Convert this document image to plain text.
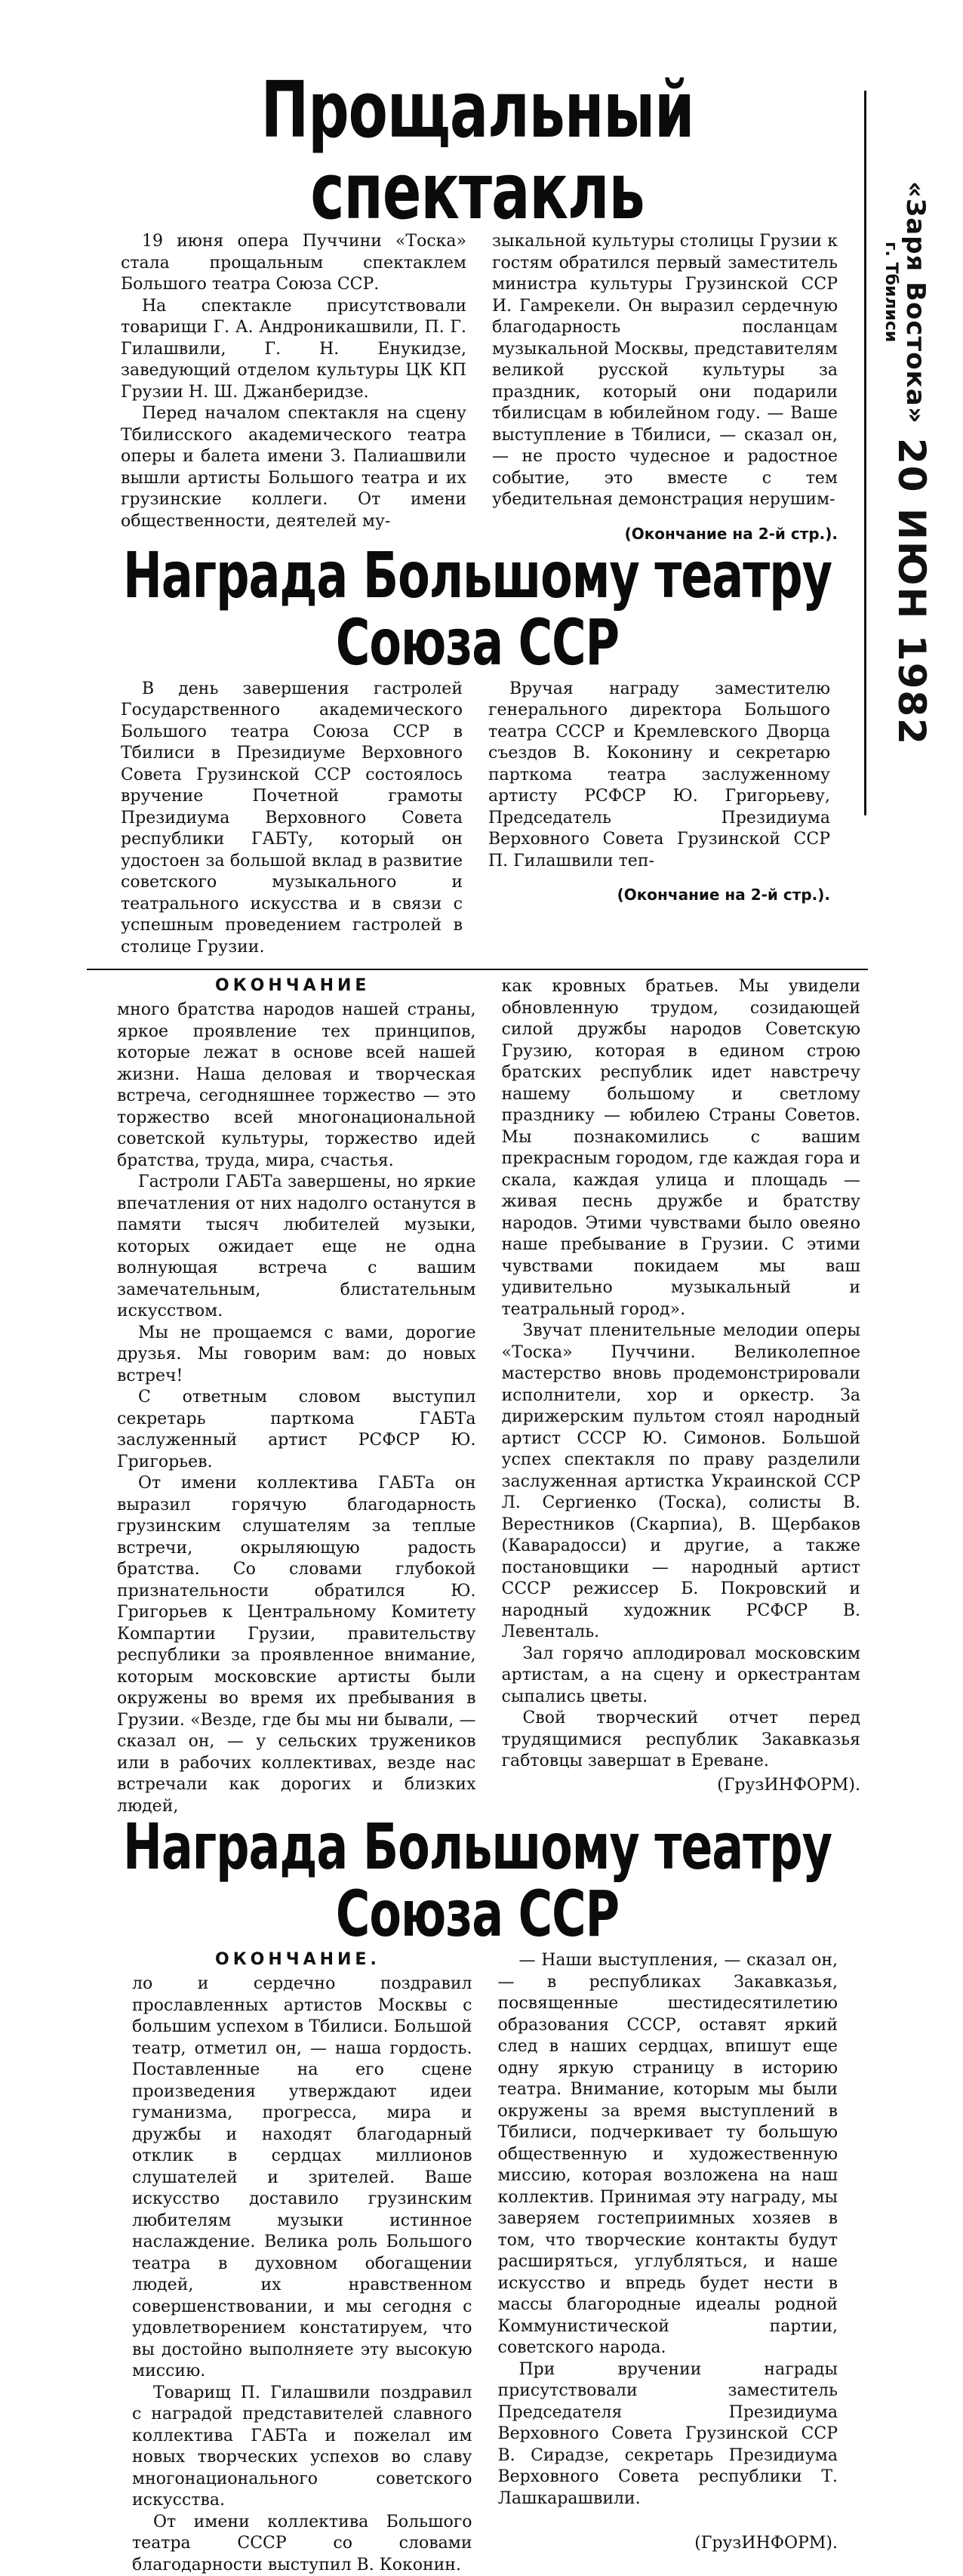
«Заря Востока»
г. Тбилиси
20 ИЮН 1982
Прощальный спектакль

19 июня опера Пуччини «Тоска» стала прощальным спектаклем Большого театра Союза ССР.

На спектакле присутствовали товарищи Г. А. Андроникашвили, П. Г. Гилашвили, Г. Н. Енукидзе, заведующий отделом культуры ЦК КП Грузии Н. Ш. Джанберидзе.

Перед началом спектакля на сцену Тбилисского академического театра оперы и балета имени З. Палиашвили вышли артисты Большого театра и их грузинские коллеги. От имени общественности, деятелей му-

зыкальной культуры столицы Грузии к гостям обратился первый заместитель министра культуры Грузинской ССР И. Гамрекели. Он выразил сердечную благодарность посланцам музыкальной Москвы, представителям великой русской культуры за праздник, который они подарили тбилисцам в юбилейном году. — Ваше выступление в Тбилиси, — сказал он, — не просто чудесное и радостное событие, это вместе с тем убедительная демонстрация нерушим-

(Окончание на 2-й стр.).
Награда Большому театру Союза ССР

В день завершения гастролей Государственного академического Большого театра Союза ССР в Тбилиси в Президиуме Верховного Совета Грузинской ССР состоялось вручение Почетной грамоты Президиума Верховного Совета республики ГАБТу, который он удостоен за большой вклад в развитие советского музыкального и театрального искусства и в связи с успешным проведением гастролей в столице Грузии.

Вручая награду заместителю генерального директора Большого театра СССР и Кремлевского Дворца съездов В. Коконину и секретарю парткома театра заслуженному артисту РСФСР Ю. Григорьеву, Председатель Президиума Верховного Совета Грузинской ССР П. Гилашвили теп-

(Окончание на 2-й стр.).
ОКОНЧАНИЕ

много братства народов нашей страны, яркое проявление тех принципов, которые лежат в основе всей нашей жизни. Наша деловая и творческая встреча, сегодняшнее торжество — это торжество всей многонациональной советской культуры, торжество идей братства, труда, мира, счастья.

Гастроли ГАБТа завершены, но яркие впечатления от них надолго останутся в памяти тысяч любителей музыки, которых ожидает еще не одна волнующая встреча с вашим замечательным, блистательным искусством.

Мы не прощаемся с вами, дорогие друзья. Мы говорим вам: до новых встреч!

С ответным словом выступил секретарь парткома ГАБТа заслуженный артист РСФСР Ю. Григорьев.

От имени коллектива ГАБТа он выразил горячую благодарность грузинским слушателям за теплые встречи, окрыляющую радость братства. Со словами глубокой признательности обратился Ю. Григорьев к Центральному Комитету Компартии Грузии, правительству республики за проявленное внимание, которым московские артисты были окружены во время их пребывания в Грузии. «Везде, где бы мы ни бывали, — сказал он, — у сельских тружеников или в рабочих коллективах, везде нас встречали как дорогих и близких людей,

как кровных братьев. Мы увидели обновленную трудом, созидающей силой дружбы народов Советскую Грузию, которая в едином строю братских республик идет навстречу нашему большому и светлому празднику — юбилею Страны Советов. Мы познакомились с вашим прекрасным городом, где каждая гора и скала, каждая улица и площадь — живая песнь дружбе и братству народов. Этими чувствами было овеяно наше пребывание в Грузии. С этими чувствами покидаем мы ваш удивительно музыкальный и театральный город».

Звучат пленительные мелодии оперы «Тоска» Пуччини. Великолепное мастерство вновь продемонстрировали исполнители, хор и оркестр. За дирижерским пультом стоял народный артист СССР Ю. Симонов. Большой успех спектакля по праву разделили заслуженная артистка Украинской ССР Л. Сергиенко (Тоска), солисты В. Верестников (Скарпиа), В. Щербаков (Каварадосси) и другие, а также постановщики — народный артист СССР режиссер Б. Покровский и народный художник РСФСР В. Левенталь.

Зал горячо аплодировал московским артистам, а на сцену и оркестрантам сыпались цветы.

Свой творческий отчет перед трудящимися республик Закавказья габтовцы завершат в Ереване.

(ГрузИНФОРМ).
Награда Большому театру Союза ССР
ОКОНЧАНИЕ.

ло и сердечно поздравил прославленных артистов Москвы с большим успехом в Тбилиси. Большой театр, отметил он, — наша гордость. Поставленные на его сцене произведения утверждают идеи гуманизма, прогресса, мира и дружбы и находят благодарный отклик в сердцах миллионов слушателей и зрителей. Ваше искусство доставило грузинским любителям музыки истинное наслаждение. Велика роль Большого театра в духовном обогащении людей, их нравственном совершенствовании, и мы сегодня с удовлетворением констатируем, что вы достойно выполняете эту высокую миссию.

Товарищ П. Гилашвили поздравил с наградой представителей славного коллектива ГАБТа и пожелал им новых творческих успехов во славу многонационального советского искусства.

От имени коллектива Большого театра СССР со словами благодарности выступил В. Коконин.

— Наши выступления, — сказал он, — в республиках Закавказья, посвященные шестидесятилетию образования СССР, оставят яркий след в наших сердцах, впишут еще одну яркую страницу в историю театра. Внимание, которым мы были окружены за время выступлений в Тбилиси, подчеркивает ту большую общественную и художественную миссию, которая возложена на наш коллектив. Принимая эту награду, мы заверяем гостеприимных хозяев в том, что творческие контакты будут расширяться, углубляться, и наше искусство и впредь будет нести в массы благородные идеалы родной Коммунистической партии, советского народа.

При вручении награды присутствовали заместитель Председателя Президиума Верховного Совета Грузинской ССР В. Сирадзе, секретарь Президиума Верховного Совета республики Т. Лашкарашвили.

(ГрузИНФОРМ).
